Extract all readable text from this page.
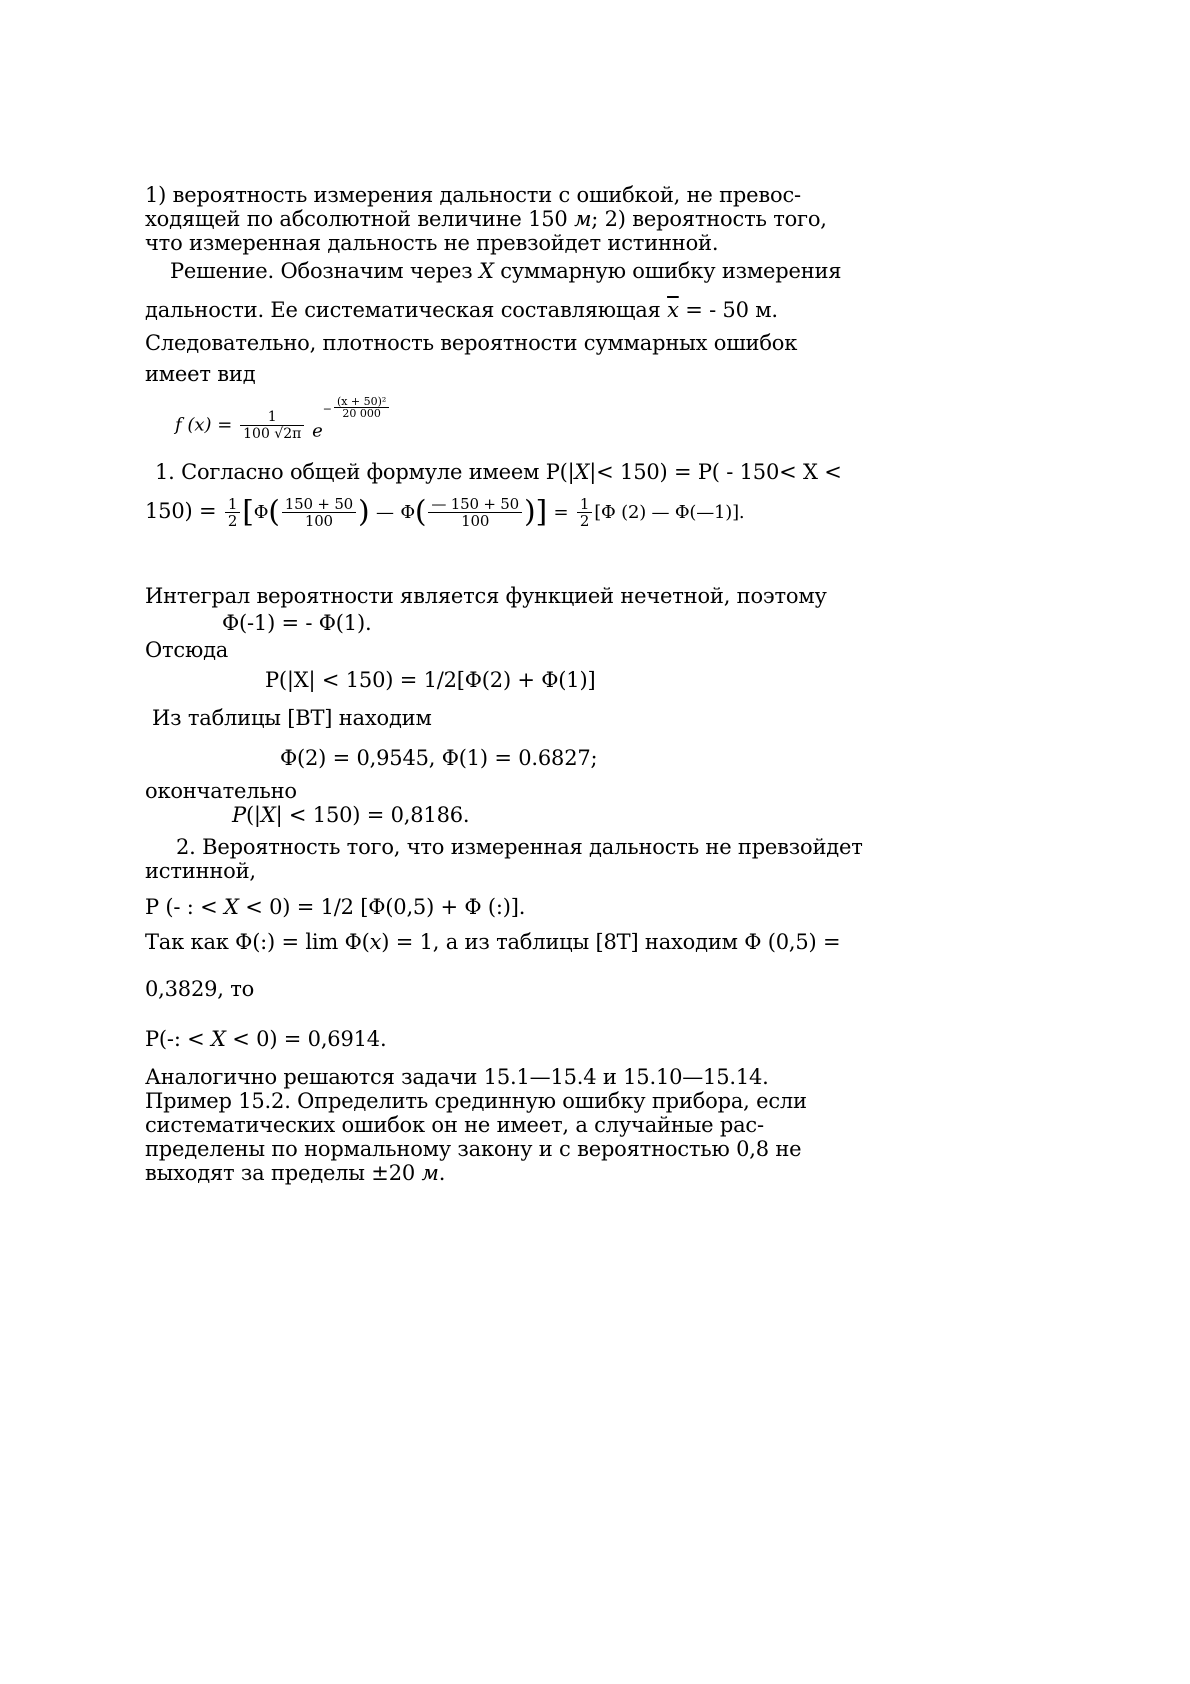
1) вероятность измерения дальности с ошибкой, не превос-
ходящей по абсолютной величине 150 м; 2) вероятность того,
что измеренная дальность не превзойдет истинной.
Решение. Обозначим через X суммарную ошибку измерения
дальности. Ее систематическая составляющая $\overline{x}$ = - 50 м.
Следовательно, плотность вероятности суммарных ошибок
имеет вид
f $(x) = \frac{1}{100 √2\pi} e- \frac{\text{(x + 50)²}}{20 000}$
1. Согласно общей формуле имеем Р(|X|< 150) = Р( - 150< Х <
$150) = \frac{1}{2} [\Phi( \frac{150 + 50}{100}$ ) — $\Phi( \frac{— 150 + 50}{100}$ )] = $\frac{1}{2} [\Phi$ (2) — Φ(—1)].
Интеграл вероятности является функцией нечетной, поэтому
Φ(-1) = - Φ(1).
Отсюда
Р(|Х| < 150) = 1/2[Φ(2) + Φ(1)]
Из таблицы [ВТ] находим
Φ(2) = 0,9545, Φ(1) = 0.6827;
окончательно
P(|X| < 150) = 0,8186.
2. Вероятность того, что измеренная дальность не превзойдет
истинной,
Р (- : < X < 0) = 1/2 [Φ(0,5) + Φ (:)].
Так как Φ(:) = lim Φ(x) = 1, а из таблицы [8Т] находим Φ (0,5) =
0,3829, то
Р(-: < X < 0) = 0,6914.
Аналогично решаются задачи 15.1—15.4 и 15.10—15.14.
Пример 15.2. Определить срединную ошибку прибора, если
систематических ошибок он не имеет, а случайные рас-
пределены по нормальному закону и с вероятностью 0,8 не
выходят за пределы ±20 м.
